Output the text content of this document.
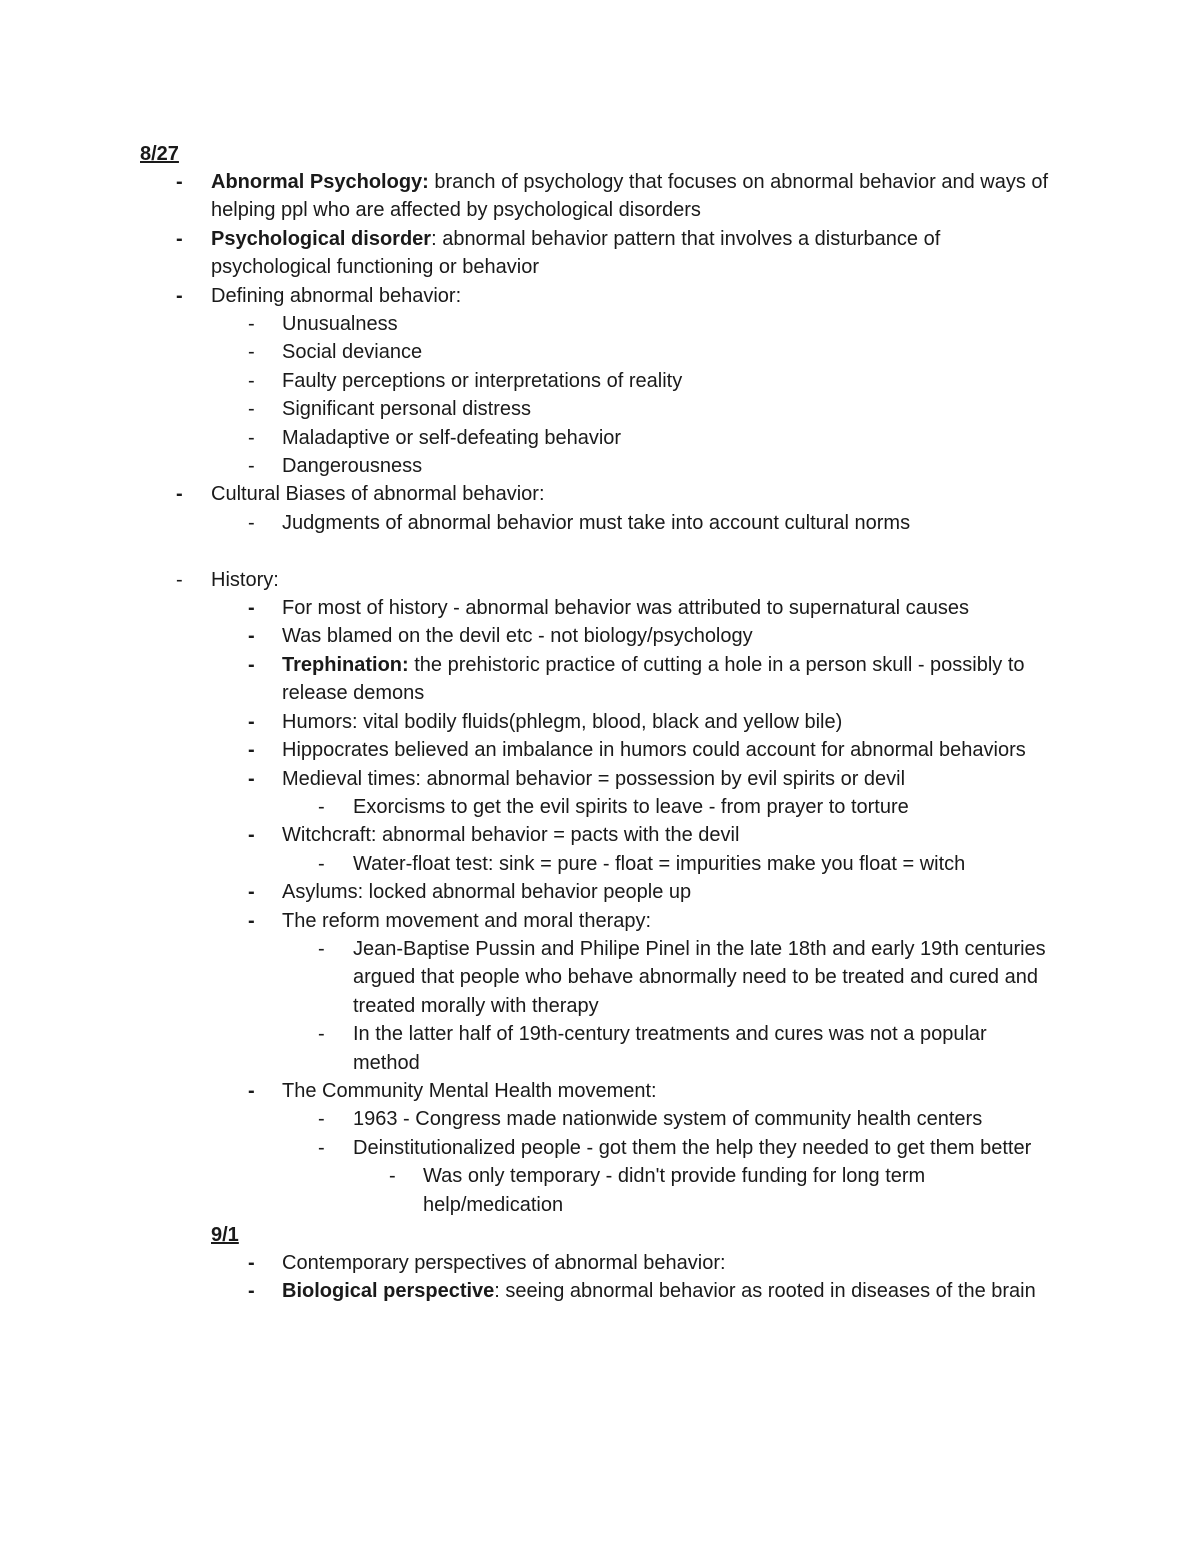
8/27
- Abnormal Psychology: branch of psychology that focuses on abnormal behavior and ways of helping ppl who are affected by psychological disorders
- Psychological disorder: abnormal behavior pattern that involves a disturbance of psychological functioning or behavior
- Defining abnormal behavior:
- Unusualness
- Social deviance
- Faulty perceptions or interpretations of reality
- Significant personal distress
- Maladaptive or self-defeating behavior
- Dangerousness
- Cultural Biases of abnormal behavior:
- Judgments of abnormal behavior must take into account cultural norms
- History:
- For most of history - abnormal behavior was attributed to supernatural causes
- Was blamed on the devil etc - not biology/psychology
- Trephination: the prehistoric practice of cutting a hole in a person skull - possibly to release demons
- Humors: vital bodily fluids(phlegm, blood, black and yellow bile)
- Hippocrates believed an imbalance in humors could account for abnormal behaviors
- Medieval times: abnormal behavior = possession by evil spirits or devil
- Exorcisms to get the evil spirits to leave - from prayer to torture
- Witchcraft: abnormal behavior = pacts with the devil
- Water-float test: sink = pure - float = impurities make you float = witch
- Asylums: locked abnormal behavior people up
- The reform movement and moral therapy:
- Jean-Baptise Pussin and Philipe Pinel in the late 18th and early 19th centuries argued that people who behave abnormally need to be treated and cured and treated morally with therapy
- In the latter half of 19th-century treatments and cures was not a popular method
- The Community Mental Health movement:
- 1963 - Congress made nationwide system of community health centers
- Deinstitutionalized people - got them the help they needed to get them better
- Was only temporary - didn't provide funding for long term help/medication
9/1
- Contemporary perspectives of abnormal behavior:
- Biological perspective: seeing abnormal behavior as rooted in diseases of the brain
